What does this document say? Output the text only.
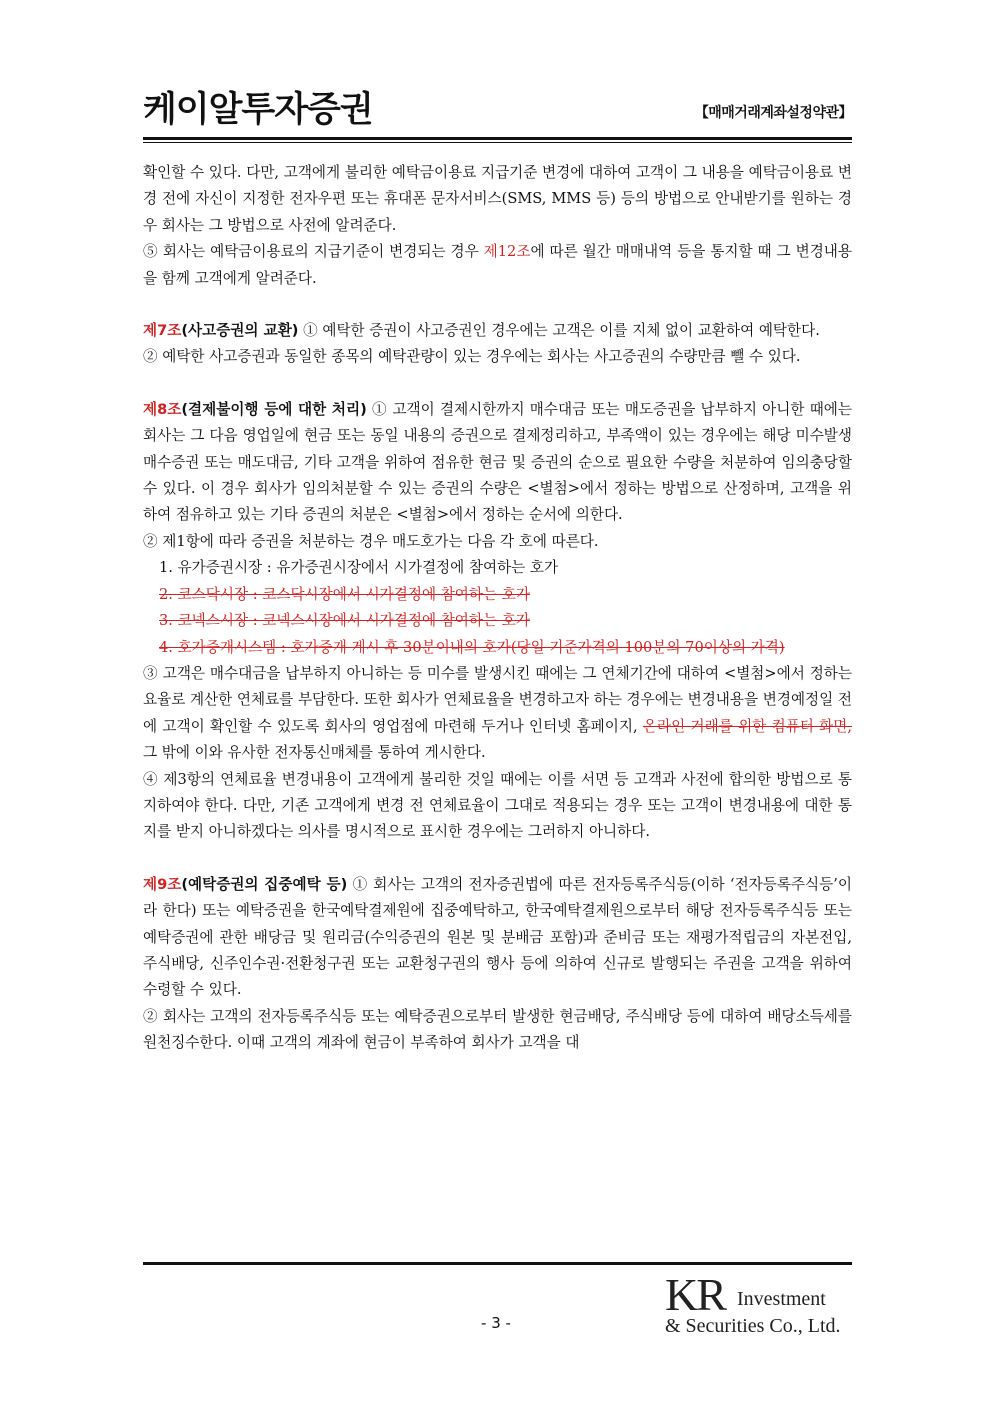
케이알투자증권	【매매거래계좌설정약관】

확인할 수 있다. 다만, 고객에게 불리한 예탁금이용료 지급기준 변경에 대하여 고객이 그 내용을 예탁금이용료 변경 전에 자신이 지정한 전자우편 또는 휴대폰 문자서비스(SMS, MMS 등) 등의 방법으로 안내받기를 원하는 경우 회사는 그 방법으로 사전에 알려준다.

⑤ 회사는 예탁금이용료의 지급기준이 변경되는 경우 제12조에 따른 월간 매매내역 등을 통지할 때 그 변경내용을 함께 고객에게 알려준다.

제7조(사고증권의 교환) ① 예탁한 증권이 사고증권인 경우에는 고객은 이를 지체 없이 교환하여 예탁한다.

② 예탁한 사고증권과 동일한 종목의 예탁관량이 있는 경우에는 회사는 사고증권의 수량만큼 뺄 수 있다.

제8조(결제불이행 등에 대한 처리) ① 고객이 결제시한까지 매수대금 또는 매도증권을 납부하지 아니한 때에는 회사는 그 다음 영업일에 현금 또는 동일 내용의 증권으로 결제정리하고, 부족액이 있는 경우에는 해당 미수발생 매수증권 또는 매도대금, 기타 고객을 위하여 점유한 현금 및 증권의 순으로 필요한 수량을 처분하여 임의충당할 수 있다. 이 경우 회사가 임의처분할 수 있는 증권의 수량은 <별첨>에서 정하는 방법으로 산정하며, 고객을 위하여 점유하고 있는 기타 증권의 처분은 <별첨>에서 정하는 순서에 의한다.

② 제1항에 따라 증권을 처분하는 경우 매도호가는 다음 각 호에 따른다.

1. 유가증권시장 : 유가증권시장에서 시가결정에 참여하는 호가

2. 코스닥시장 : 코스닥시장에서 시가결정에 참여하는 호가

3. 코넥스시장 : 코넥스시장에서 시가결정에 참여하는 호가

4. 호가중개시스템 : 호가중개 게시 후 30분이내의 호가(당일 기준가격의 100분의 70이상의 가격)

③ 고객은 매수대금을 납부하지 아니하는 등 미수를 발생시킨 때에는 그 연체기간에 대하여 <별첨>에서 정하는 요율로 계산한 연체료를 부담한다. 또한 회사가 연체료율을 변경하고자 하는 경우에는 변경내용을 변경예정일 전에 고객이 확인할 수 있도록 회사의 영업점에 마련해 두거나 인터넷 홈페이지, 온라인 거래를 위한 컴퓨터 화면, 그 밖에 이와 유사한 전자통신매체를 통하여 게시한다.

④ 제3항의 연체료율 변경내용이 고객에게 불리한 것일 때에는 이를 서면 등 고객과 사전에 합의한 방법으로 통지하여야 한다. 다만, 기존 고객에게 변경 전 연체료율이 그대로 적용되는 경우 또는 고객이 변경내용에 대한 통지를 받지 아니하겠다는 의사를 명시적으로 표시한 경우에는 그러하지 아니하다.

제9조(예탁증권의 집중예탁 등) ① 회사는 고객의 전자증권법에 따른 전자등록주식등(이하 ‘전자등록주식등’이라 한다) 또는 예탁증권을 한국예탁결제원에 집중예탁하고, 한국예탁결제원으로부터 해당 전자등록주식등 또는 예탁증권에 관한 배당금 및 원리금(수익증권의 원본 및 분배금 포함)과 준비금 또는 재평가적립금의 자본전입, 주식배당, 신주인수권·전환청구권 또는 교환청구권의 행사 등에 의하여 신규로 발행되는 주권을 고객을 위하여 수령할 수 있다.

② 회사는 고객의 전자등록주식등 또는 예탁증권으로부터 발생한 현금배당, 주식배당 등에 대하여 배당소득세를 원천징수한다. 이때 고객의 계좌에 현금이 부족하여 회사가 고객을 대

- 3 -
KR Investment
& Securities Co., Ltd.
